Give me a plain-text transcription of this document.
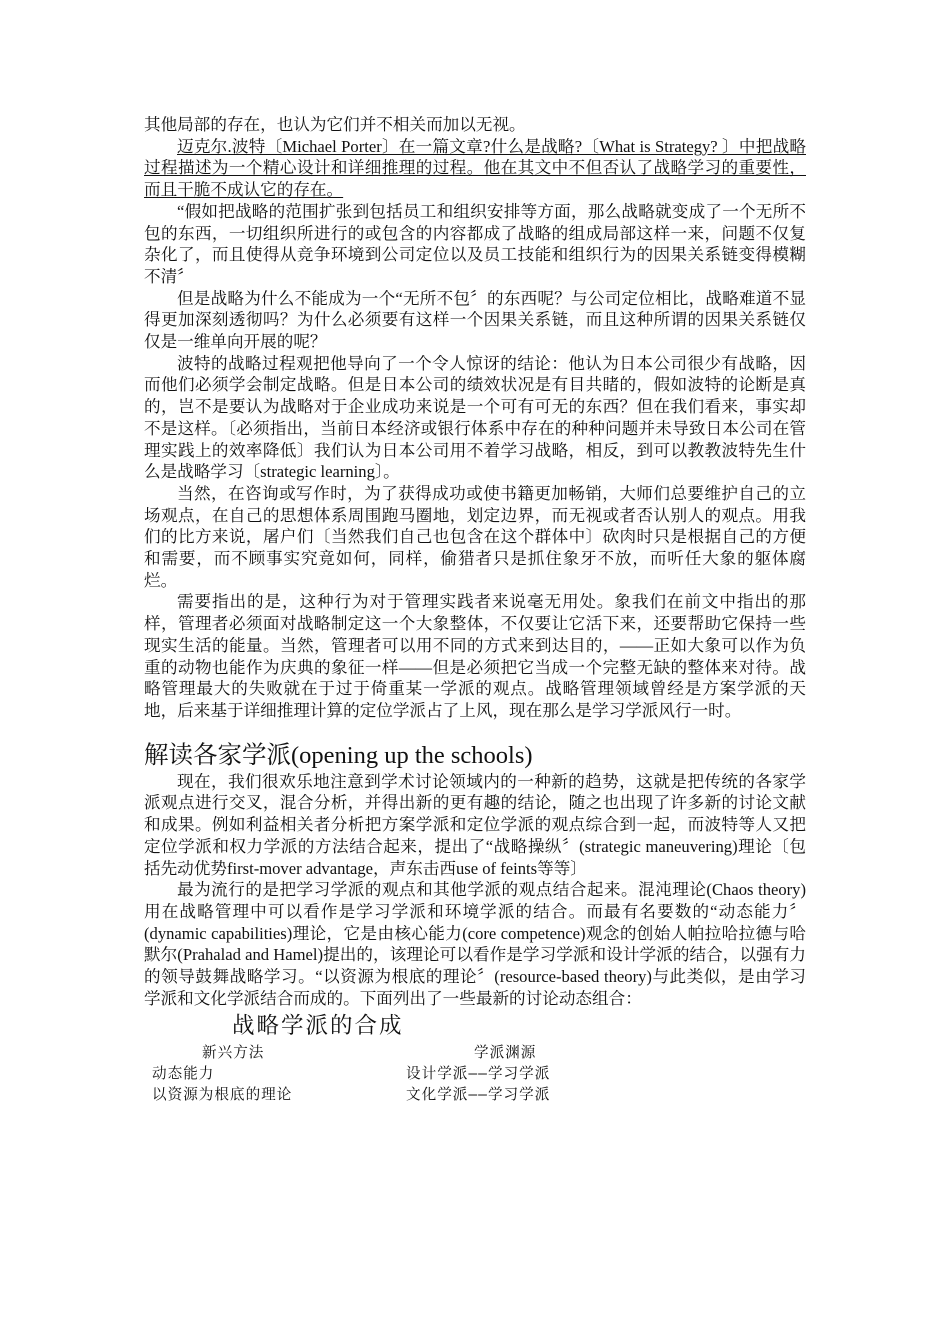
其他局部的存在，也认为它们并不相关而加以无视。

迈克尔.波特〔Michael Porter〕在一篇文章?什么是战略?〔What is Strategy? 〕中把战略过程描述为一个精心设计和详细推理的过程。他在其文中不但否认了战略学习的重要性，而且干脆不成认它的存在。

“假如把战略的范围扩张到包括员工和组织安排等方面，那么战略就变成了一个无所不包的东西，一切组织所进行的或包含的内容都成了战略的组成局部这样一来，问题不仅复杂化了，而且使得从竞争环境到公司定位以及员工技能和组织行为的因果关系链变得模糊不清〞

但是战略为什么不能成为一个“无所不包〞的东西呢？与公司定位相比，战略难道不显得更加深刻透彻吗？为什么必须要有这样一个因果关系链，而且这种所谓的因果关系链仅仅是一维单向开展的呢？

波特的战略过程观把他导向了一个令人惊讶的结论：他认为日本公司很少有战略，因而他们必须学会制定战略。但是日本公司的绩效状况是有目共睹的，假如波特的论断是真的，岂不是要认为战略对于企业成功来说是一个可有可无的东西？但在我们看来，事实却不是这样。〔必须指出，当前日本经济或银行体系中存在的种种问题并未导致日本公司在管理实践上的效率降低〕我们认为日本公司用不着学习战略，相反，到可以教教波特先生什么是战略学习〔strategic learning〕。

当然，在咨询或写作时，为了获得成功或使书籍更加畅销，大师们总要维护自己的立场观点，在自己的思想体系周围跑马圈地，划定边界，而无视或者否认别人的观点。用我们的比方来说，屠户们〔当然我们自己也包含在这个群体中〕砍肉时只是根据自己的方便和需要，而不顾事实究竟如何，同样，偷猎者只是抓住象牙不放，而听任大象的躯体腐烂。

需要指出的是，这种行为对于管理实践者来说毫无用处。象我们在前文中指出的那样，管理者必须面对战略制定这一个大象整体，不仅要让它活下来，还要帮助它保持一些现实生活的能量。当然，管理者可以用不同的方式来到达目的，——正如大象可以作为负重的动物也能作为庆典的象征一样——但是必须把它当成一个完整无缺的整体来对待。战略管理最大的失败就在于过于倚重某一学派的观点。战略管理领域曾经是方案学派的天地，后来基于详细推理计算的定位学派占了上风，现在那么是学习学派风行一时。

解读各家学派(opening up the schools)

现在，我们很欢乐地注意到学术讨论领域内的一种新的趋势，这就是把传统的各家学派观点进行交叉，混合分析，并得出新的更有趣的结论，随之也出现了许多新的讨论文献和成果。例如利益相关者分析把方案学派和定位学派的观点综合到一起，而波特等人又把定位学派和权力学派的方法结合起来，提出了“战略操纵〞(strategic maneuvering)理论〔包括先动优势first-mover advantage，声东击西use of feints等等〕

最为流行的是把学习学派的观点和其他学派的观点结合起来。混沌理论(Chaos theory)用在战略管理中可以看作是学习学派和环境学派的结合。而最有名要数的“动态能力〞(dynamic capabilities)理论，它是由核心能力(core competence)观念的创始人帕拉哈拉德与哈默尔(Prahalad and Hamel)提出的，该理论可以看作是学习学派和设计学派的结合，以强有力的领导鼓舞战略学习。“以资源为根底的理论〞(resource-based theory)与此类似，是由学习学派和文化学派结合而成的。下面列出了一些最新的讨论动态组合：

战略学派的合成
新兴方法	学派渊源
动态能力	设计学派——学习学派
以资源为根底的理论	文化学派——学习学派
